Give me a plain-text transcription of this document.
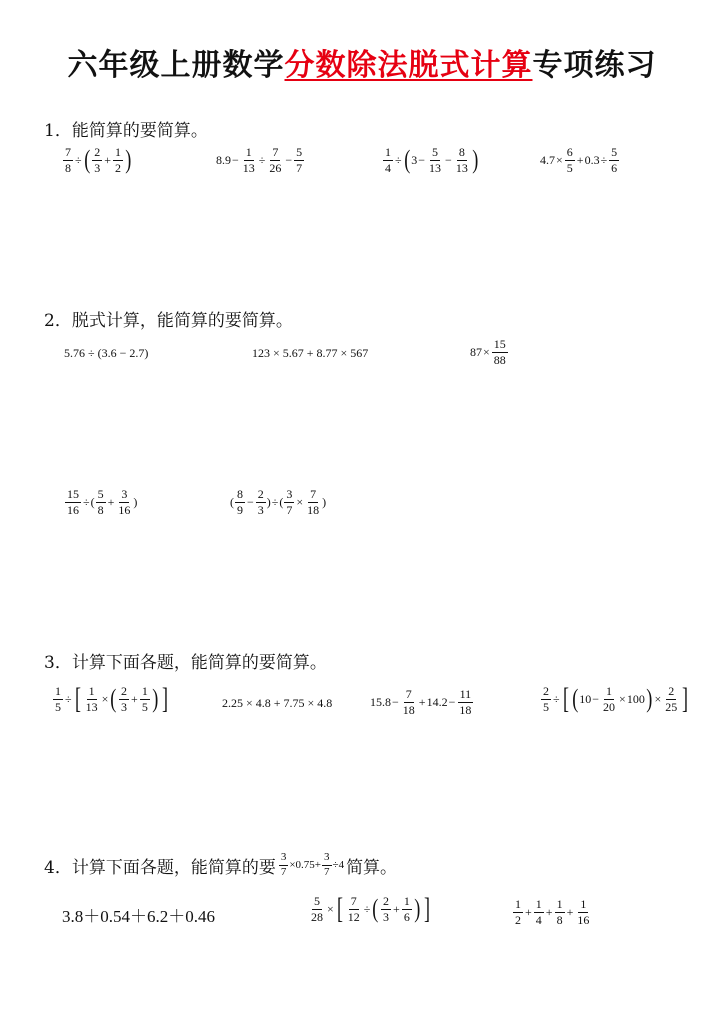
六年级上册数学分数除法脱式计算专项练习
1．能简算的要简算。
$\frac{7}{8}$ ÷ ( $\frac{2}{3} + \frac{1}{2}$ )	$8.9 - \frac{1}{13} \div \frac{7}{26} - \frac{5}{7}$	$\frac{1}{4}$ ÷ ( $3 - \frac{5}{13} - \frac{8}{13}$ )	$4.7 \times \frac{6}{5} + 0.3 \div \frac{5}{6}$
2．脱式计算，能简算的要简算。
5.76 ÷ (3.6 − 2.7)	123 × 5.67 + 8.77 × 567	$87 \times \frac{15}{88}$
$\frac{15}{16}$ ÷ ( $\frac{5}{8} + \frac{3}{16}$ )	( $\frac{8}{9} - \frac{2}{3}$ ) ÷ ( $\frac{3}{7} \times \frac{7}{18}$ )
3．计算下面各题，能简算的要简算。
$\frac{1}{5}$ ÷ [ $\frac{1}{13}$ × ( $\frac{2}{3} + \frac{1}{5}$ ) ]	2.25 × 4.8 + 7.75 × 4.8	$15.8 - \frac{7}{18} + 14.2 - \frac{11}{18}$	$\frac{2}{5}$ ÷ [ ( $10 - \frac{1}{20} \times 100$ ) × $\frac{2}{25}$ ]
4．计算下面各题，能简算的要 $\frac{3}{7} \times 0.75 + \frac{3}{7} \div 4$ 简算。
3.8＋0.54＋6.2＋0.46	$\frac{5}{28}$ × [ $\frac{7}{12}$ ÷ ( $\frac{2}{3} + \frac{1}{6}$ ) ]	$\frac{1}{2} + \frac{1}{4} + \frac{1}{8} + \frac{1}{16}$
